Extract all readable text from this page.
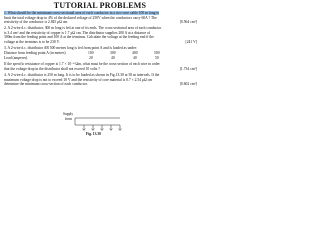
TUTORIAL PROBLEMS
1. What should be the minimum cross-sectional area of each conductor in a two-core cable 100 m long to
limit the total voltage drop to 4% of the declared voltage of 250V when the conductors carry 60A ? The
resistivity of the conductor is 2.845 μΩ cm.	[0.564 cm²]
2. A 2-wire d.c. distributor, 300 m long is fed at one of its ends. The cross-sectional area of each conductor
is 3.4 cm² and the resistivity of copper is 1.7 μΩ cm. The distributor supplies 200 A at a distance of
300m from the feeding point and 100 A at the terminus. Calculate the voltage at the feeding end if the
voltage at the terminus is to be 230 V.	[241 V]
3. A 2-wire d.c. distributor AB 500 metres long is fed from point A and is loaded as under:
Distance from feeding point A (in metres)	100	300	400	500
Load (amperes)	20	40	40	50
If the specific resistance of copper is 1.7 × 10⁻⁸ Ωm, what must be the cross-section of each wire in order
that the voltage drop in the distributor shall not exceed 10 volts ?	[1.734 cm²]
4. A 2-wire d.c. distributor is 250 m long. It is to be loaded as shown in Fig.13.30 at 50 m intervals. If the
maximum voltage drop is not to exceed 10 V and the resistivity of core material is 0.7 × 2.54 μΩ cm
determine the minimum cross-section of each conductor.	[0.602 cm²]
Supply
from
Fig. 13.30
